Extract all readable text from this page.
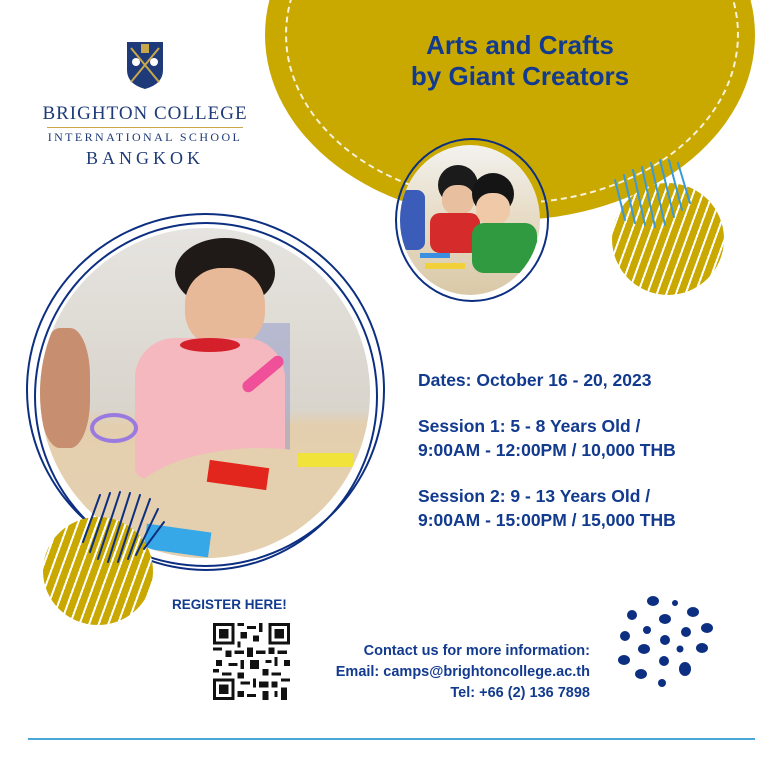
BRIGHTON COLLEGE
INTERNATIONAL SCHOOL
BANGKOK
Arts and Crafts
by Giant Creators

Dates: October 16 - 20, 2023

Session 1: 5 - 8 Years Old /

9:00AM - 12:00PM / 10,000 THB

Session 2: 9 - 13 Years Old /

9:00AM - 15:00PM / 15,000 THB

REGISTER HERE!

Contact us for more information:

Email: camps@brightoncollege.ac.th

Tel: +66 (2) 136 7898
